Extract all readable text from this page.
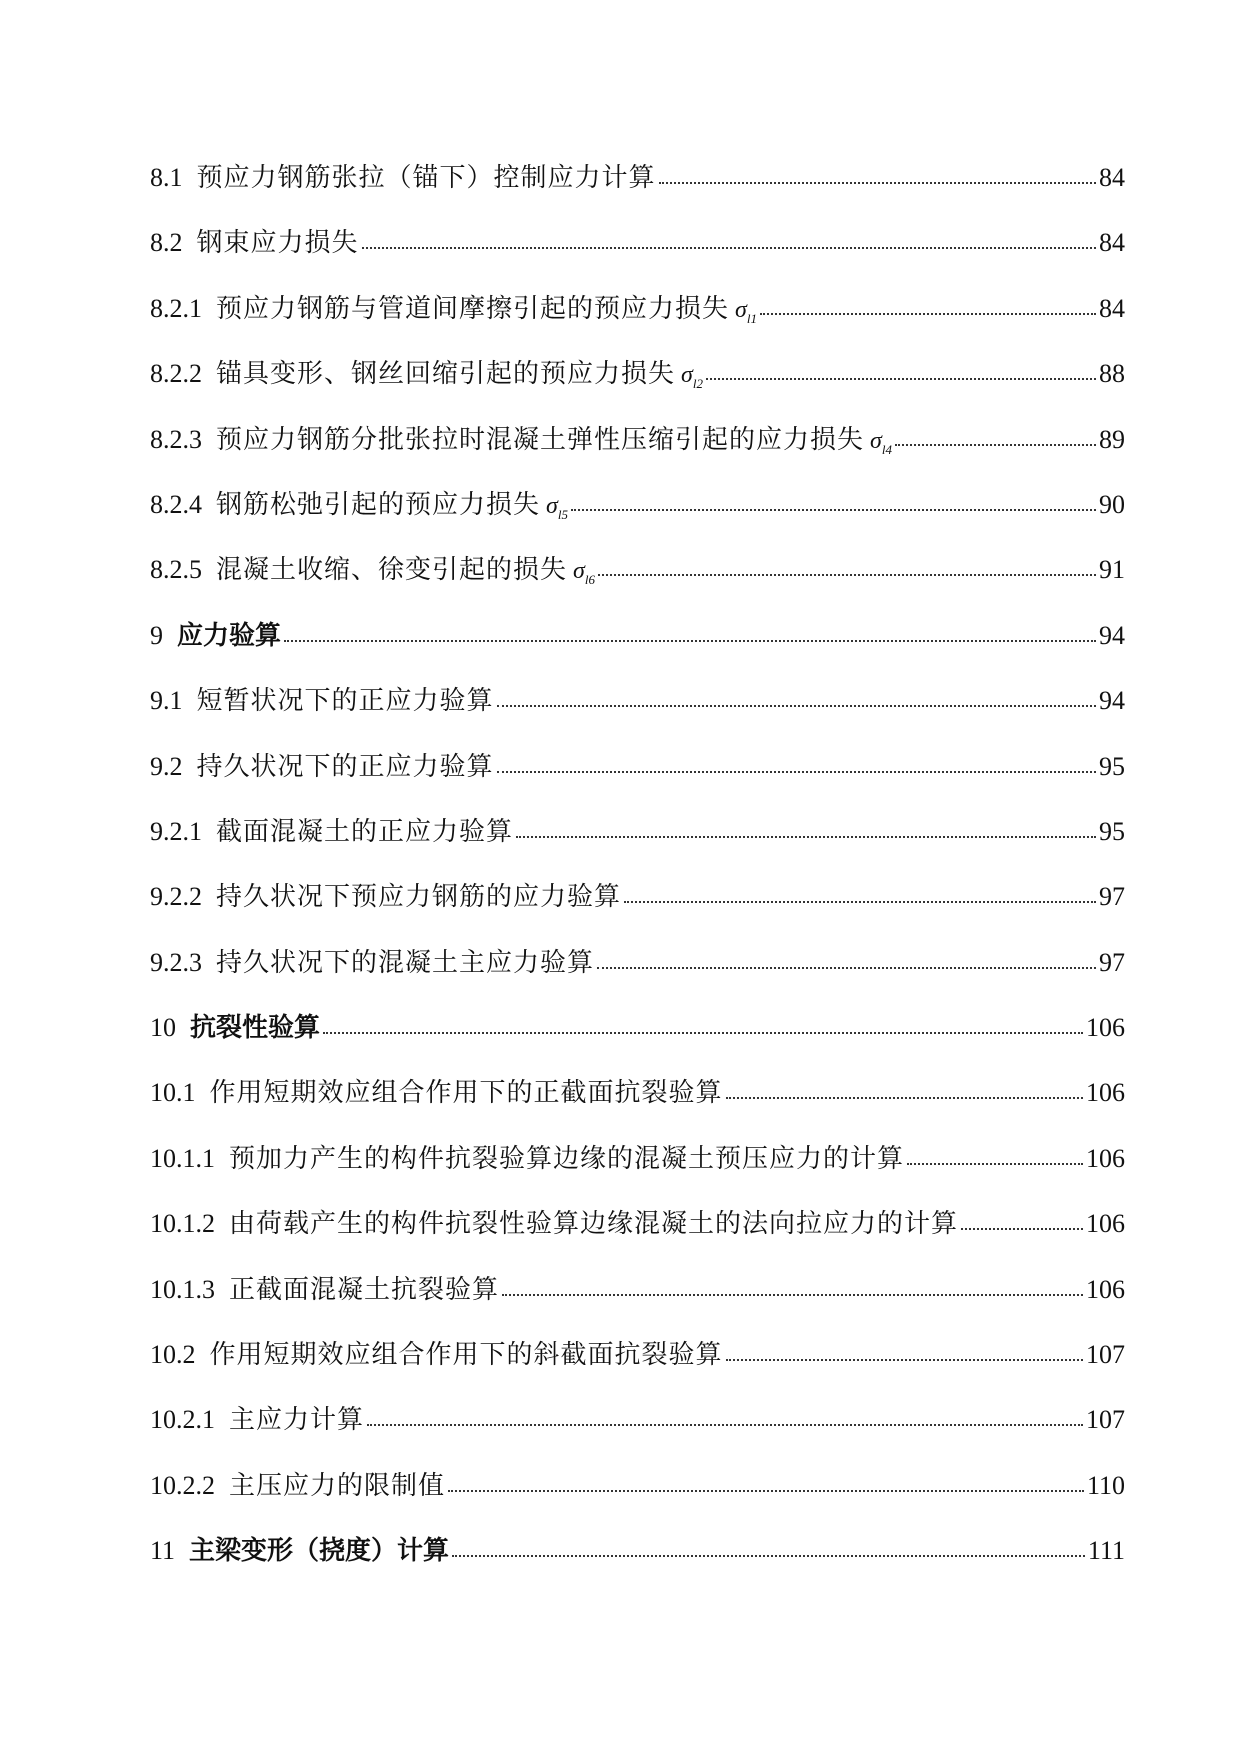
8.1 预应力钢筋张拉（锚下）控制应力计算	84
8.2 钢束应力损失	84
8.2.1 预应力钢筋与管道间摩擦引起的预应力损失 $\sigma_{l1}$	84
8.2.2 锚具变形、钢丝回缩引起的预应力损失 $\sigma_{l2}$	88
8.2.3 预应力钢筋分批张拉时混凝土弹性压缩引起的应力损失 $\sigma_{l4}$	89
8.2.4 钢筋松弛引起的预应力损失 $\sigma_{l5}$	90
8.2.5 混凝土收缩、徐变引起的损失 $\sigma_{l6}$	91
9 应力验算	94
9.1 短暂状况下的正应力验算	94
9.2 持久状况下的正应力验算	95
9.2.1 截面混凝土的正应力验算	95
9.2.2 持久状况下预应力钢筋的应力验算	97
9.2.3 持久状况下的混凝土主应力验算	97
10 抗裂性验算	106
10.1 作用短期效应组合作用下的正截面抗裂验算	106
10.1.1 预加力产生的构件抗裂验算边缘的混凝土预压应力的计算	106
10.1.2 由荷载产生的构件抗裂性验算边缘混凝土的法向拉应力的计算	106
10.1.3 正截面混凝土抗裂验算	106
10.2 作用短期效应组合作用下的斜截面抗裂验算	107
10.2.1 主应力计算	107
10.2.2 主压应力的限制值	110
11 主梁变形（挠度）计算	111
